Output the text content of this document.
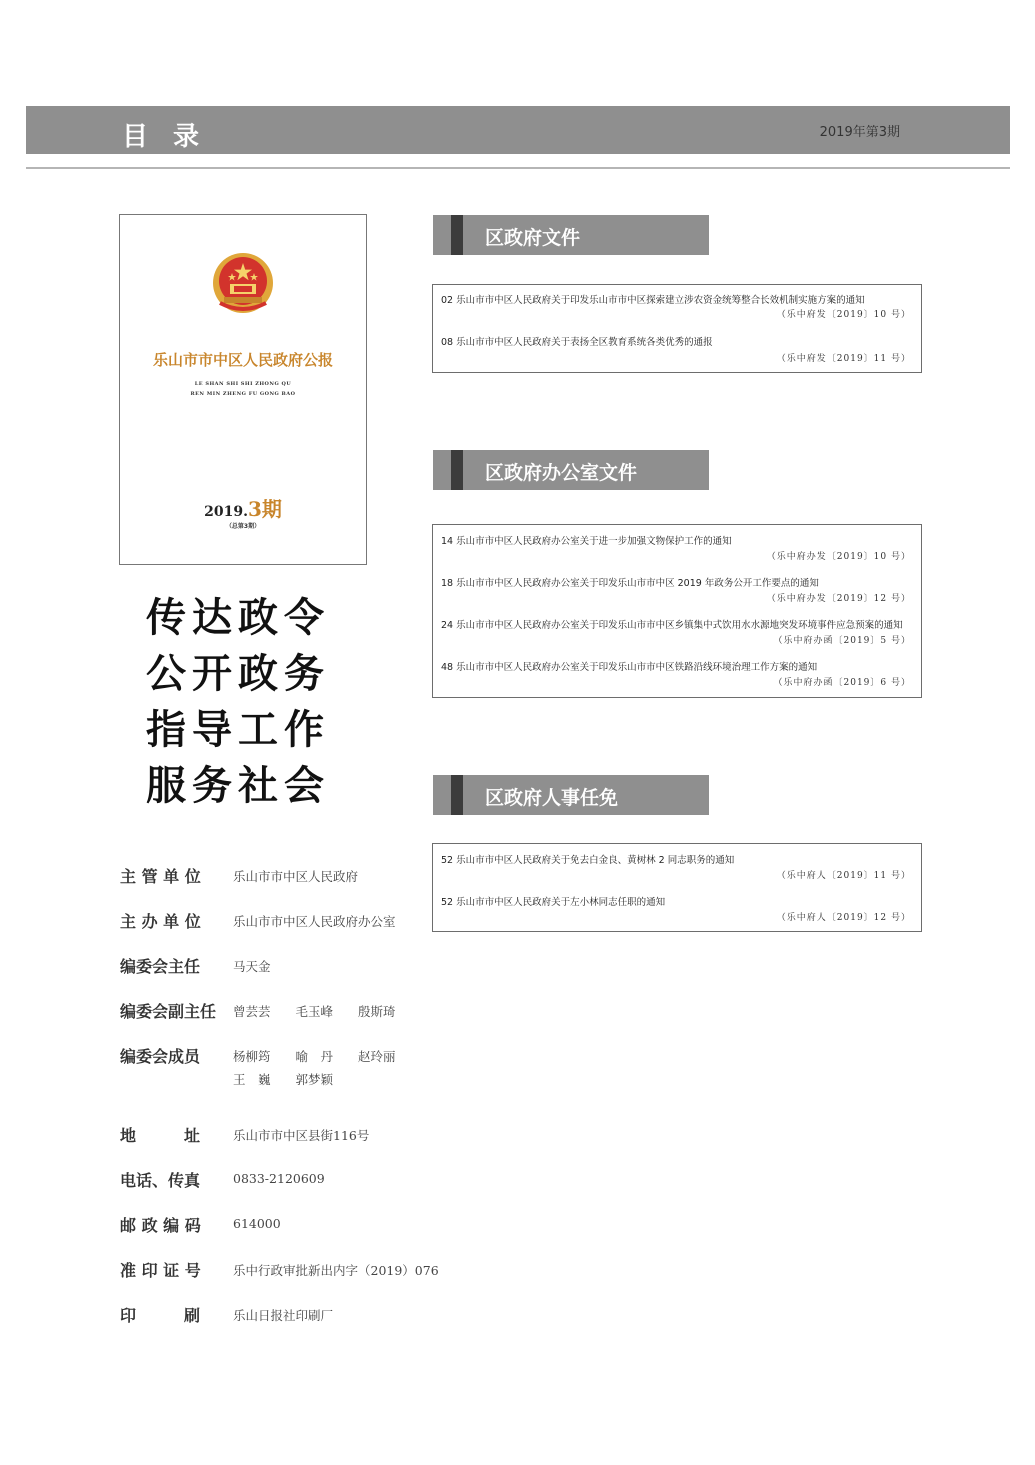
目 录	2019年第3期
乐山市市中区人民政府公报
LE SHAN SHI SHI ZHONG QU
REN MIN ZHENG FU GONG BAO
2019.3期
（总第3期）
传达政令
公开政务
指导工作
服务社会
区政府文件
02 乐山市市中区人民政府关于印发乐山市市中区探索建立涉农资金统筹整合长效机制实施方案的通知
（乐中府发〔2019〕10 号）
08 乐山市市中区人民政府关于表扬全区教育系统各类优秀的通报
（乐中府发〔2019〕11 号）
区政府办公室文件
14 乐山市市中区人民政府办公室关于进一步加强文物保护工作的通知
（乐中府办发〔2019〕10 号）
18 乐山市市中区人民政府办公室关于印发乐山市市中区 2019 年政务公开工作要点的通知
（乐中府办发〔2019〕12 号）
24 乐山市市中区人民政府办公室关于印发乐山市市中区乡镇集中式饮用水水源地突发环境事件应急预案的通知
（乐中府办函〔2019〕5 号）
48 乐山市市中区人民政府办公室关于印发乐山市市中区铁路沿线环境治理工作方案的通知
（乐中府办函〔2019〕6 号）
区政府人事任免
52 乐山市市中区人民政府关于免去白金良、黄树林 2 同志职务的通知
（乐中府人〔2019〕11 号）
52 乐山市市中区人民政府关于左小林同志任职的通知
（乐中府人〔2019〕12 号）
主 管 单 位	乐山市市中区人民政府
主 办 单 位	乐山市市中区人民政府办公室
编委会主任	马天金
编委会副主任	曾芸芸　　毛玉峰　　殷斯琦
编委会成员	杨柳筠　　喻　丹　　赵玲丽
王　巍　　郭梦颖
地　　　址	乐山市市中区县街116号
电话、传真	0833-2120609
邮 政 编 码	614000
准 印 证 号	乐中行政审批新出内字（2019）076
印　　　刷	乐山日报社印刷厂
